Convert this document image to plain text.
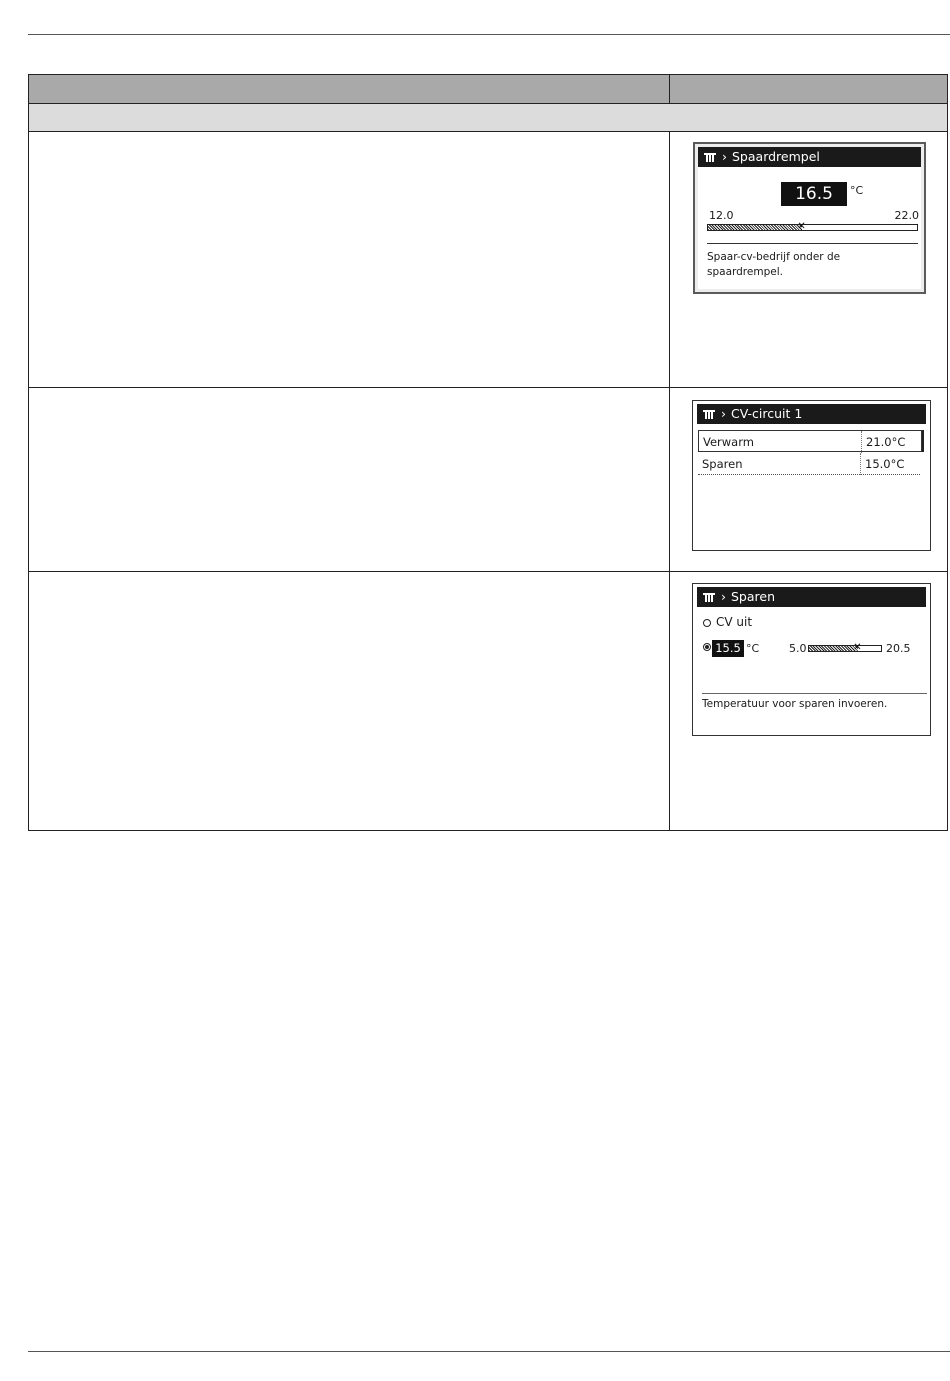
› Spaardrempel
16.5	°C
12.0	22.0
✕
Spaar-cv-bedrijf onder de spaardrempel.
› CV-circuit 1
Verwarm	21.0°C
Sparen	15.0°C
› Sparen
CV uit
15.5 °C	5.0	✕ 20.5
Temperatuur voor sparen invoeren.
